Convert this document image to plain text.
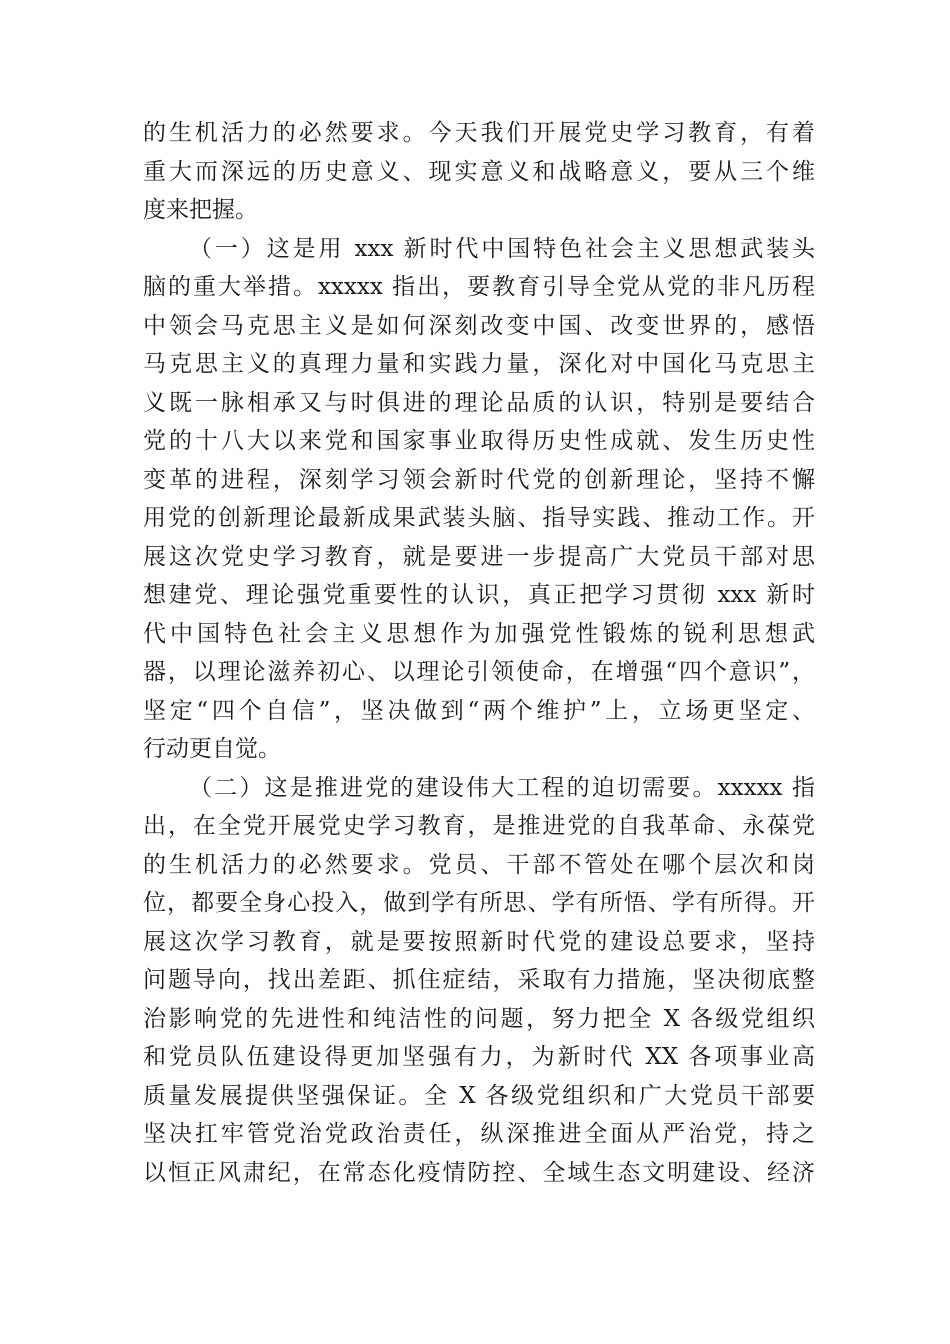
的生机活力的必然要求。今天我们开展党史学习教育，有着
重大而深远的历史意义、现实意义和战略意义，要从三个维
度来把握。
（一）这是用 xxx 新时代中国特色社会主义思想武装头
脑的重大举措。xxxxx 指出，要教育引导全党从党的非凡历程
中领会马克思主义是如何深刻改变中国、改变世界的，感悟
马克思主义的真理力量和实践力量，深化对中国化马克思主
义既一脉相承又与时俱进的理论品质的认识，特别是要结合
党的十八大以来党和国家事业取得历史性成就、发生历史性
变革的进程，深刻学习领会新时代党的创新理论，坚持不懈
用党的创新理论最新成果武装头脑、指导实践、推动工作。开
展这次党史学习教育，就是要进一步提高广大党员干部对思
想建党、理论强党重要性的认识，真正把学习贯彻 xxx 新时
代中国特色社会主义思想作为加强党性锻炼的锐利思想武
器，以理论滋养初心、以理论引领使命，在增强“四个意识”，
坚定“四个自信”，坚决做到“两个维护”上，立场更坚定、
行动更自觉。
（二）这是推进党的建设伟大工程的迫切需要。xxxxx 指
出，在全党开展党史学习教育，是推进党的自我革命、永葆党
的生机活力的必然要求。党员、干部不管处在哪个层次和岗
位，都要全身心投入，做到学有所思、学有所悟、学有所得。开
展这次学习教育，就是要按照新时代党的建设总要求，坚持
问题导向，找出差距、抓住症结，采取有力措施，坚决彻底整
治影响党的先进性和纯洁性的问题，努力把全 X 各级党组织
和党员队伍建设得更加坚强有力，为新时代 XX 各项事业高
质量发展提供坚强保证。全 X 各级党组织和广大党员干部要
坚决扛牢管党治党政治责任，纵深推进全面从严治党，持之
以恒正风肃纪，在常态化疫情防控、全域生态文明建设、经济
